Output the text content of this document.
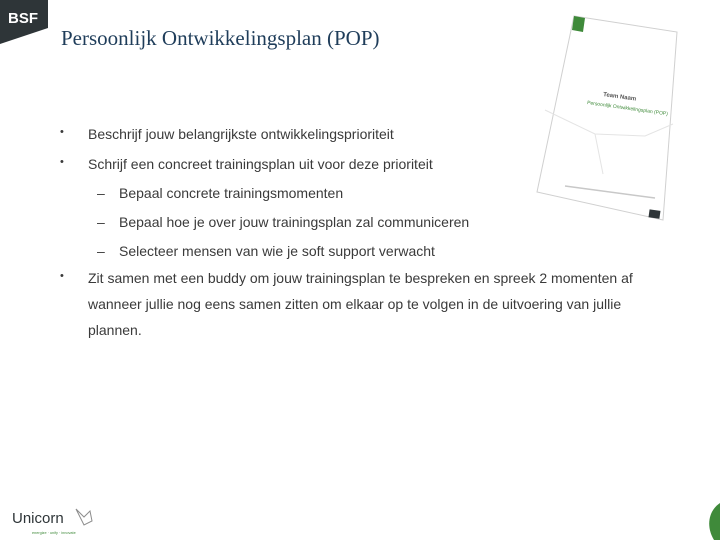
BSF
Persoonlijk Ontwikkelingsplan (POP)
Team Naam
Persoonlijk Ontwikkelingsplan (POP)
• Beschrijf jouw belangrijkste ontwikkelingsprioriteit
• Schrijf een concreet trainingsplan uit voor deze prioriteit
– Bepaal concrete trainingsmomenten
– Bepaal hoe je over jouw trainingsplan zal communiceren
– Selecteer mensen van wie je soft support verwacht
• Zit samen met een buddy om jouw trainingsplan te bespreken en spreek 2 momenten af
wanneer jullie nog eens samen zitten om elkaar op te volgen in de uitvoering van jullie
plannen.
Unicorn
energize · unify · innovate
